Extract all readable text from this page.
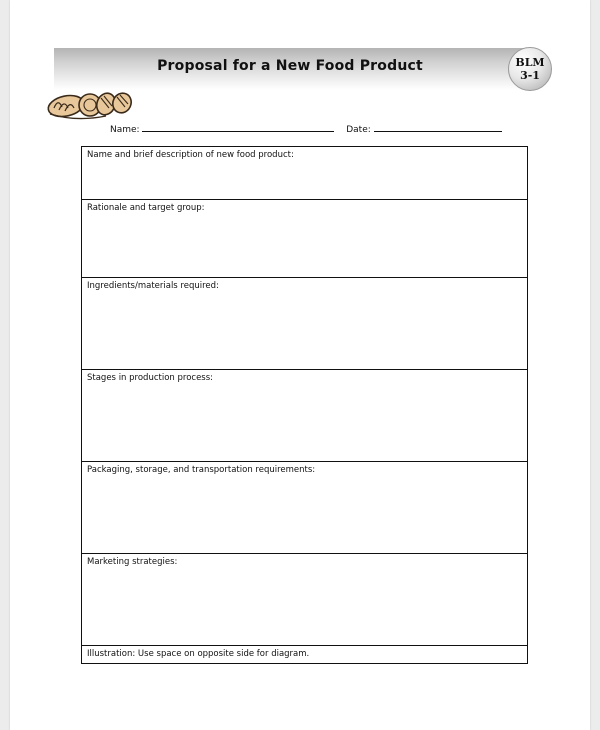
Proposal for a New Food Product	BLM
3-1
Name:	Date:
Name and brief description of new food product:
Rationale and target group:
Ingredients/materials required:
Stages in production process:
Packaging, storage, and transportation requirements:
Marketing strategies:
Illustration: Use space on opposite side for diagram.
